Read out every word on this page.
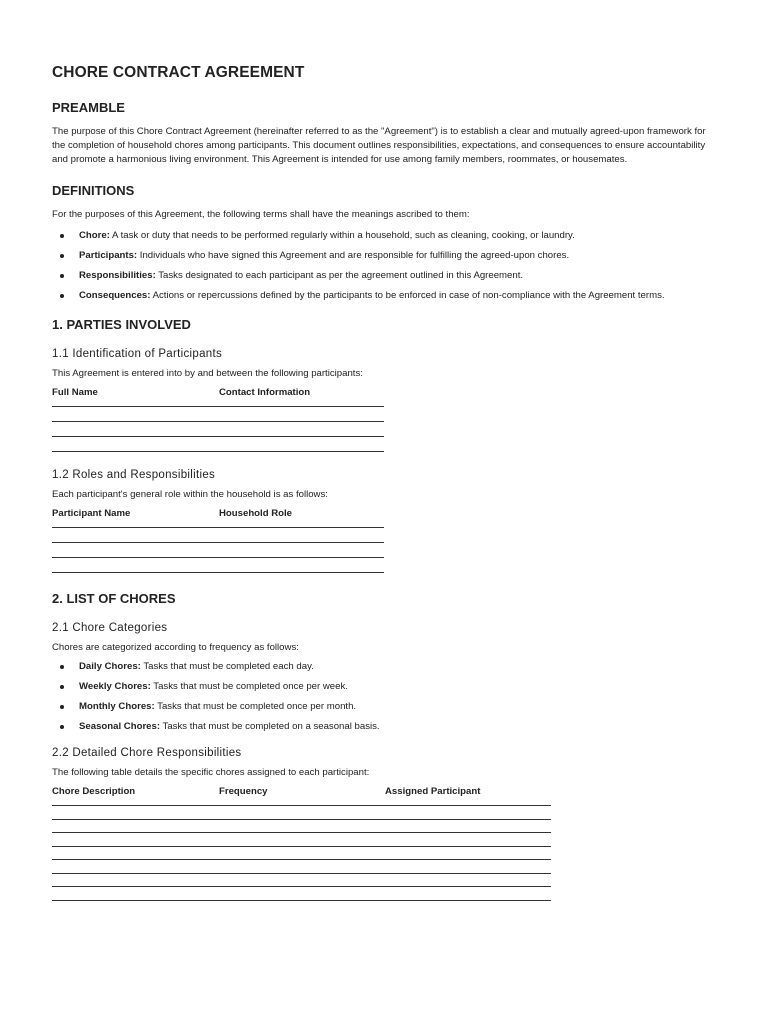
CHORE CONTRACT AGREEMENT
PREAMBLE

The purpose of this Chore Contract Agreement (hereinafter referred to as the "Agreement") is to establish a clear and mutually agreed-upon framework for the completion of household chores among participants. This document outlines responsibilities, expectations, and consequences to ensure accountability and promote a harmonious living environment. This Agreement is intended for use among family members, roommates, or housemates.

DEFINITIONS

For the purposes of this Agreement, the following terms shall have the meanings ascribed to them:

Chore: A task or duty that needs to be performed regularly within a household, such as cleaning, cooking, or laundry.
Participants: Individuals who have signed this Agreement and are responsible for fulfilling the agreed-upon chores.
Responsibilities: Tasks designated to each participant as per the agreement outlined in this Agreement.
Consequences: Actions or repercussions defined by the participants to be enforced in case of non-compliance with the Agreement terms.
1. PARTIES INVOLVED
1.1 Identification of Participants

This Agreement is entered into by and between the following participants:

Full Name	Contact Information
1.2 Roles and Responsibilities

Each participant's general role within the household is as follows:

Participant Name	Household Role
2. LIST OF CHORES
2.1 Chore Categories

Chores are categorized according to frequency as follows:

Daily Chores: Tasks that must be completed each day.
Weekly Chores: Tasks that must be completed once per week.
Monthly Chores: Tasks that must be completed once per month.
Seasonal Chores: Tasks that must be completed on a seasonal basis.
2.2 Detailed Chore Responsibilities

The following table details the specific chores assigned to each participant:

Chore Description	Frequency	Assigned Participant
